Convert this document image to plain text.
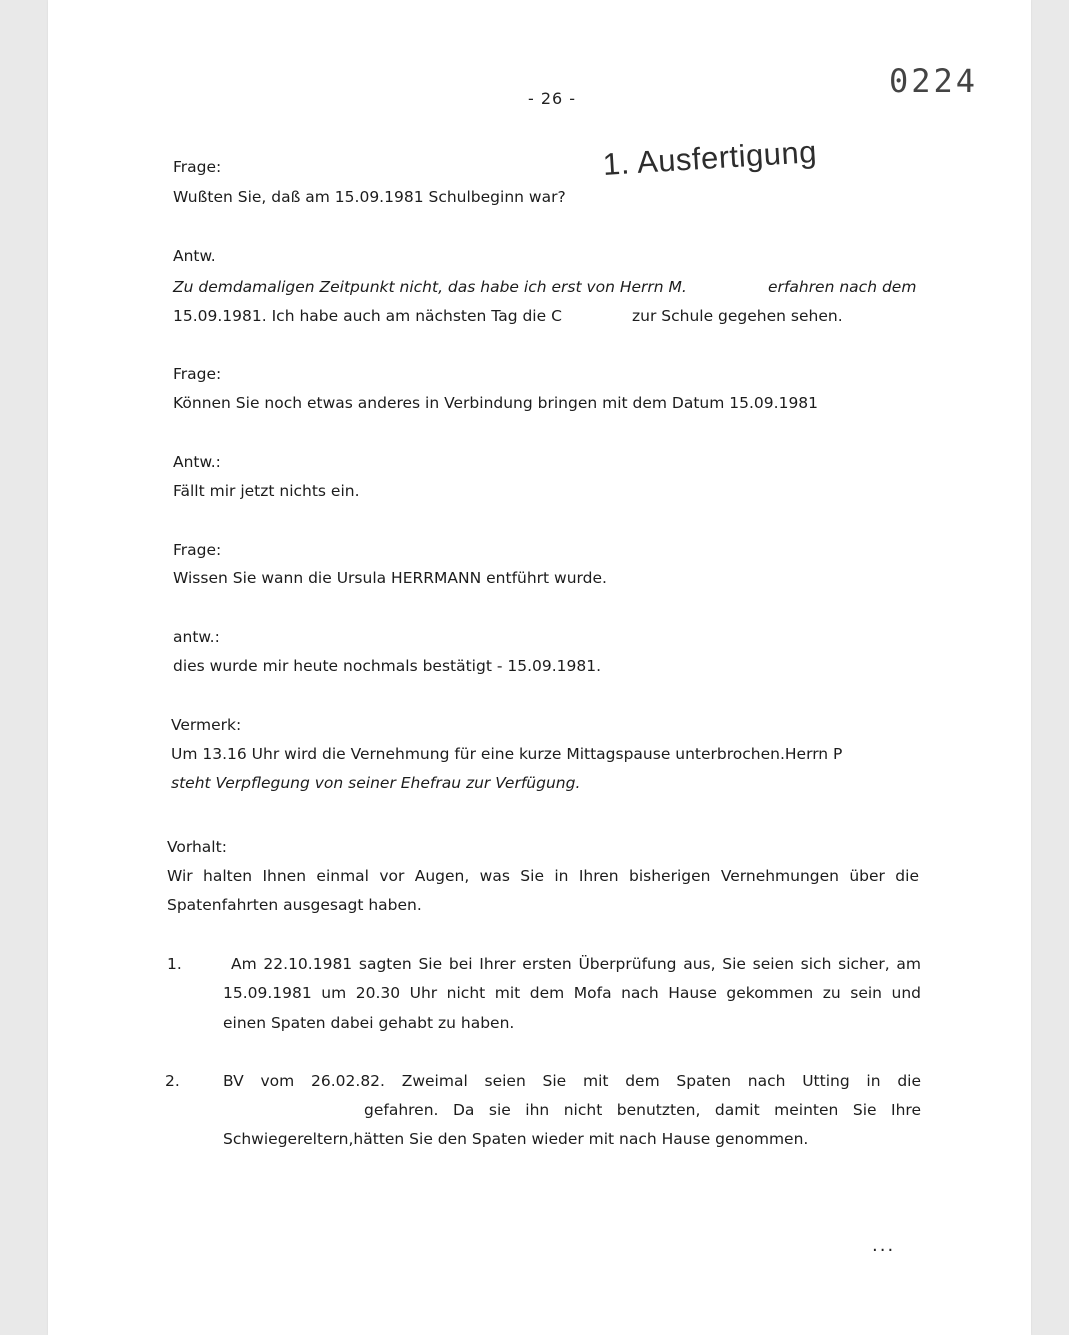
- 26 -	0224
1. Ausfertigung
Frage:
Wußten Sie, daß am 15.09.1981 Schulbeginn war?
Antw.
Zu demdamaligen Zeitpunkt nicht, das habe ich erst von Herrn M.	erfahren nach dem
15.09.1981. Ich habe auch am nächsten Tag die C	zur Schule gegehen sehen.
Frage:
Können Sie noch etwas anderes in Verbindung bringen mit dem Datum 15.09.1981
Antw.:
Fällt mir jetzt nichts ein.
Frage:
Wissen Sie wann die Ursula HERRMANN entführt wurde.
antw.:
dies wurde mir heute nochmals bestätigt - 15.09.1981.
Vermerk:
Um 13.16 Uhr wird die Vernehmung für eine kurze Mittagspause unterbrochen.Herrn P
steht Verpflegung von seiner Ehefrau zur Verfügung.
Vorhalt:
Wir halten Ihnen einmal vor Augen, was Sie in Ihren bisherigen Vernehmungen über die
Spatenfahrten ausgesagt haben.
1.	Am 22.10.1981 sagten Sie bei Ihrer ersten Überprüfung aus, Sie seien sich sicher, am
15.09.1981 um 20.30 Uhr nicht mit dem Mofa nach Hause gekommen zu sein und
einen Spaten dabei gehabt zu haben.
2.	BV vom 26.02.82. Zweimal seien Sie mit dem Spaten nach Utting in die
gefahren. Da sie ihn nicht benutzten, damit meinten Sie Ihre
Schwiegereltern,hätten Sie den Spaten wieder mit nach Hause genommen.
...
